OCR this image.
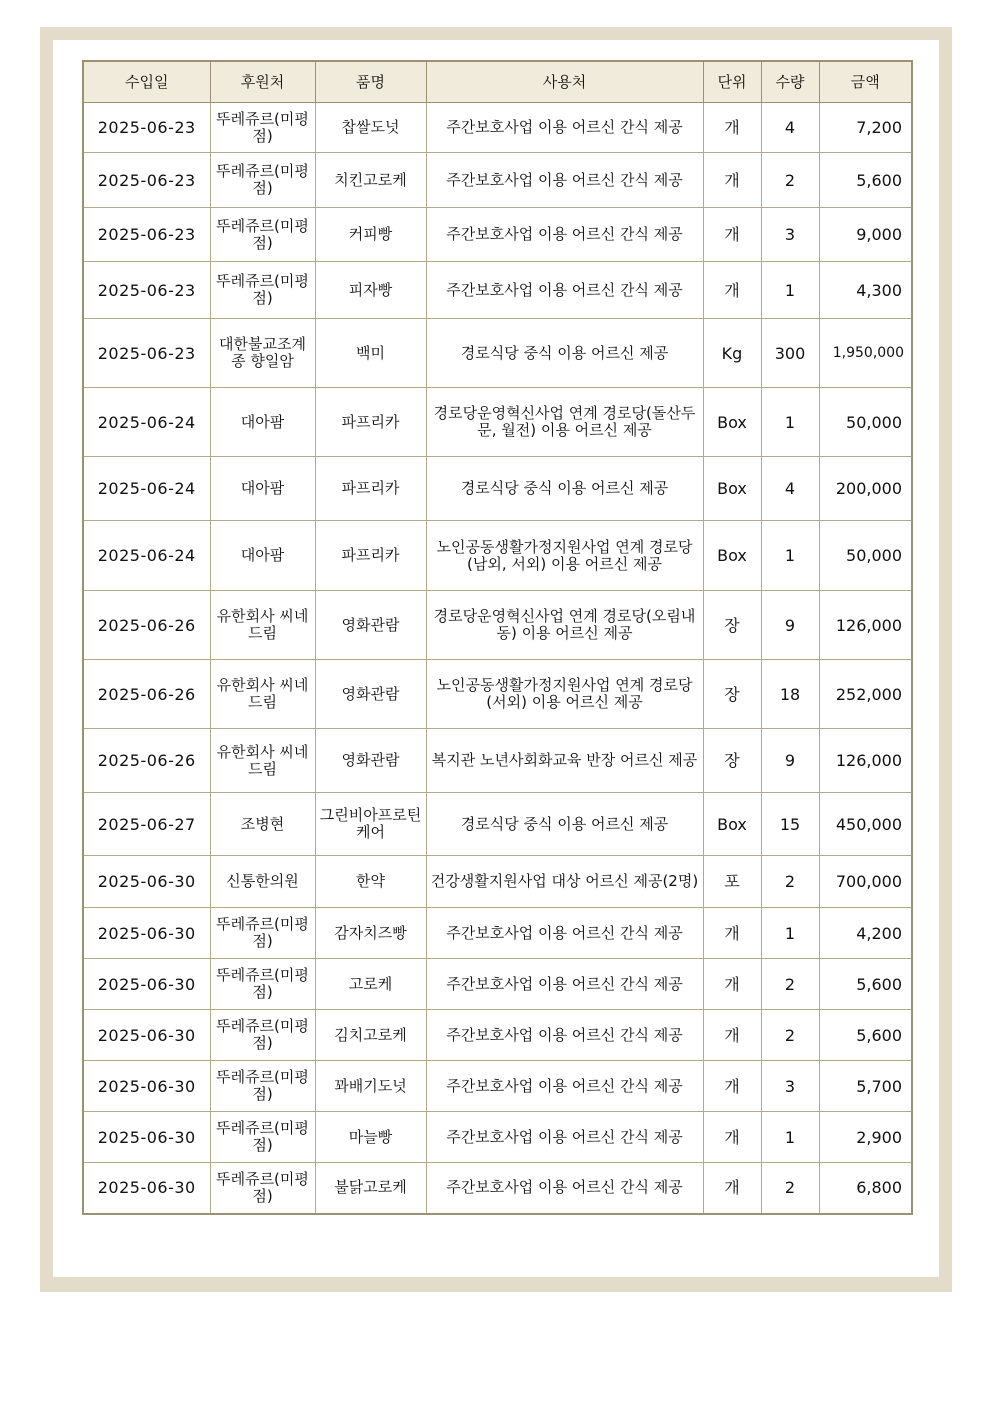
수입일	후원처	품명	사용처	단위	수량	금액
2025-06-23	뚜레쥬르(미평점)	찹쌀도넛	주간보호사업 이용 어르신 간식 제공	개	4	7,200
2025-06-23	뚜레쥬르(미평점)	치킨고로케	주간보호사업 이용 어르신 간식 제공	개	2	5,600
2025-06-23	뚜레쥬르(미평점)	커피빵	주간보호사업 이용 어르신 간식 제공	개	3	9,000
2025-06-23	뚜레쥬르(미평점)	피자빵	주간보호사업 이용 어르신 간식 제공	개	1	4,300
2025-06-23	대한불교조계종 향일암	백미	경로식당 중식 이용 어르신 제공	Kg	300	1,950,000
2025-06-24	대아팜	파프리카	경로당운영혁신사업 연계 경로당(돌산두문, 월전) 이용 어르신 제공	Box	1	50,000
2025-06-24	대아팜	파프리카	경로식당 중식 이용 어르신 제공	Box	4	200,000
2025-06-24	대아팜	파프리카	노인공동생활가정지원사업 연계 경로당(남외, 서외) 이용 어르신 제공	Box	1	50,000
2025-06-26	유한회사 씨네드림	영화관람	경로당운영혁신사업 연계 경로당(오림내동) 이용 어르신 제공	장	9	126,000
2025-06-26	유한회사 씨네드림	영화관람	노인공동생활가정지원사업 연계 경로당(서외) 이용 어르신 제공	장	18	252,000
2025-06-26	유한회사 씨네드림	영화관람	복지관 노년사회화교육 반장 어르신 제공	장	9	126,000
2025-06-27	조병현	그린비아프로틴케어	경로식당 중식 이용 어르신 제공	Box	15	450,000
2025-06-30	신통한의원	한약	건강생활지원사업 대상 어르신 제공(2명)	포	2	700,000
2025-06-30	뚜레쥬르(미평점)	감자치즈빵	주간보호사업 이용 어르신 간식 제공	개	1	4,200
2025-06-30	뚜레쥬르(미평점)	고로케	주간보호사업 이용 어르신 간식 제공	개	2	5,600
2025-06-30	뚜레쥬르(미평점)	김치고로케	주간보호사업 이용 어르신 간식 제공	개	2	5,600
2025-06-30	뚜레쥬르(미평점)	꽈배기도넛	주간보호사업 이용 어르신 간식 제공	개	3	5,700
2025-06-30	뚜레쥬르(미평점)	마늘빵	주간보호사업 이용 어르신 간식 제공	개	1	2,900
2025-06-30	뚜레쥬르(미평점)	불닭고로케	주간보호사업 이용 어르신 간식 제공	개	2	6,800
